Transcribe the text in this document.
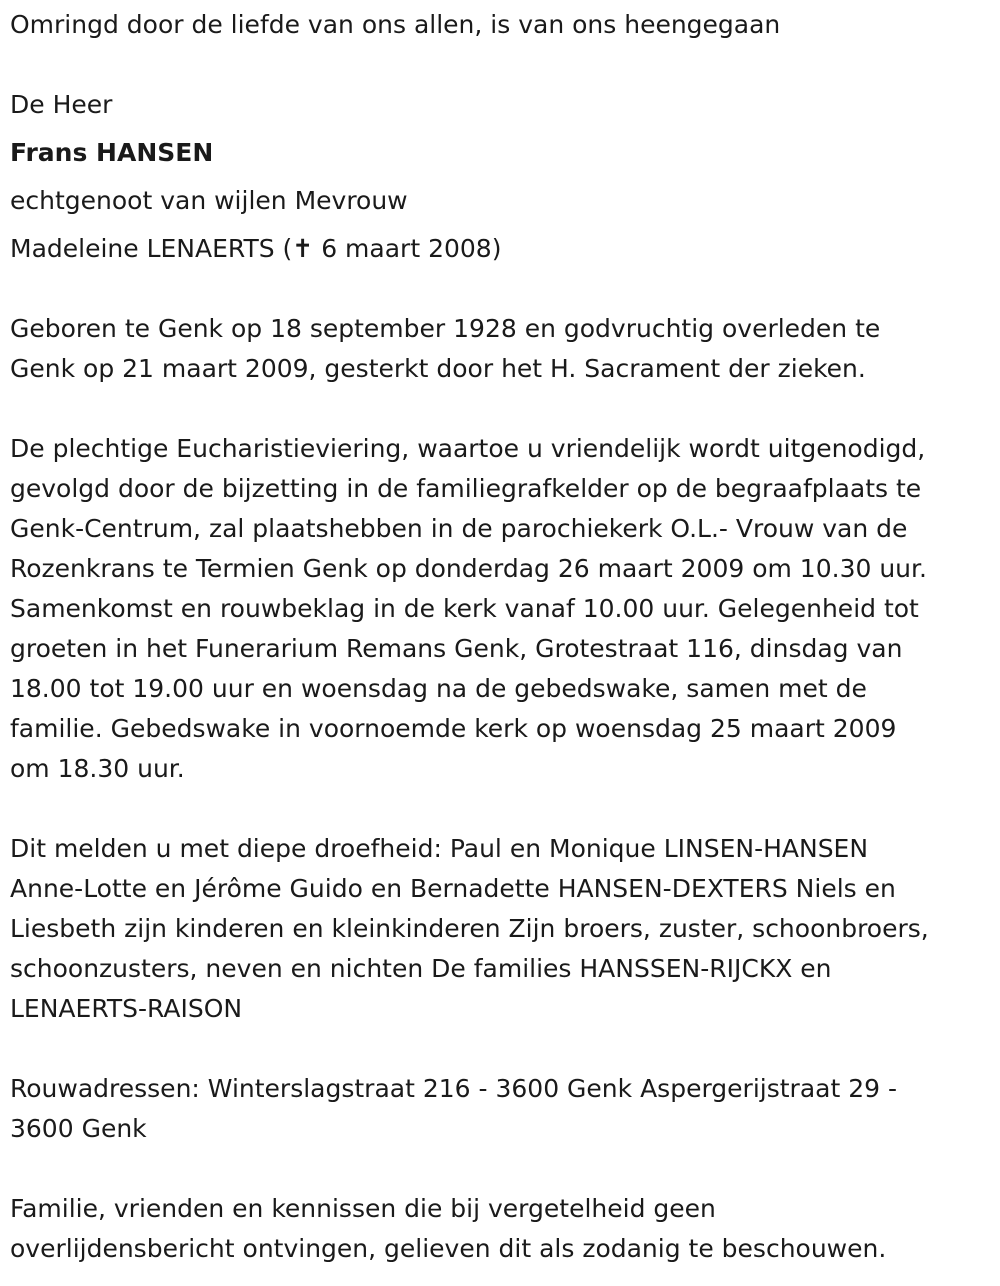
Omringd door de liefde van ons allen, is van ons heengegaan

De Heer

Frans HANSEN

echtgenoot van wijlen Mevrouw

Madeleine LENAERTS (✝ 6 maart 2008)

Geboren te Genk op 18 september 1928 en godvruchtig overleden te

Genk op 21 maart 2009, gesterkt door het H. Sacrament der zieken.

De plechtige Eucharistieviering, waartoe u vriendelijk wordt uitgenodigd,

gevolgd door de bijzetting in de familiegrafkelder op de begraafplaats te

Genk-Centrum, zal plaatshebben in de parochiekerk O.L.- Vrouw van de

Rozenkrans te Termien Genk op donderdag 26 maart 2009 om 10.30 uur.

Samenkomst en rouwbeklag in de kerk vanaf 10.00 uur. Gelegenheid tot

groeten in het Funerarium Remans Genk, Grotestraat 116, dinsdag van

18.00 tot 19.00 uur en woensdag na de gebedswake, samen met de

familie. Gebedswake in voornoemde kerk op woensdag 25 maart 2009

om 18.30 uur.

Dit melden u met diepe droefheid: Paul en Monique LINSEN-HANSEN

Anne-Lotte en Jérôme Guido en Bernadette HANSEN-DEXTERS Niels en

Liesbeth zijn kinderen en kleinkinderen Zijn broers, zuster, schoonbroers,

schoonzusters, neven en nichten De families HANSSEN-RIJCKX en

LENAERTS-RAISON

Rouwadressen: Winterslagstraat 216 - 3600 Genk Aspergerijstraat 29 -

3600 Genk

Familie, vrienden en kennissen die bij vergetelheid geen

overlijdensbericht ontvingen, gelieven dit als zodanig te beschouwen.
